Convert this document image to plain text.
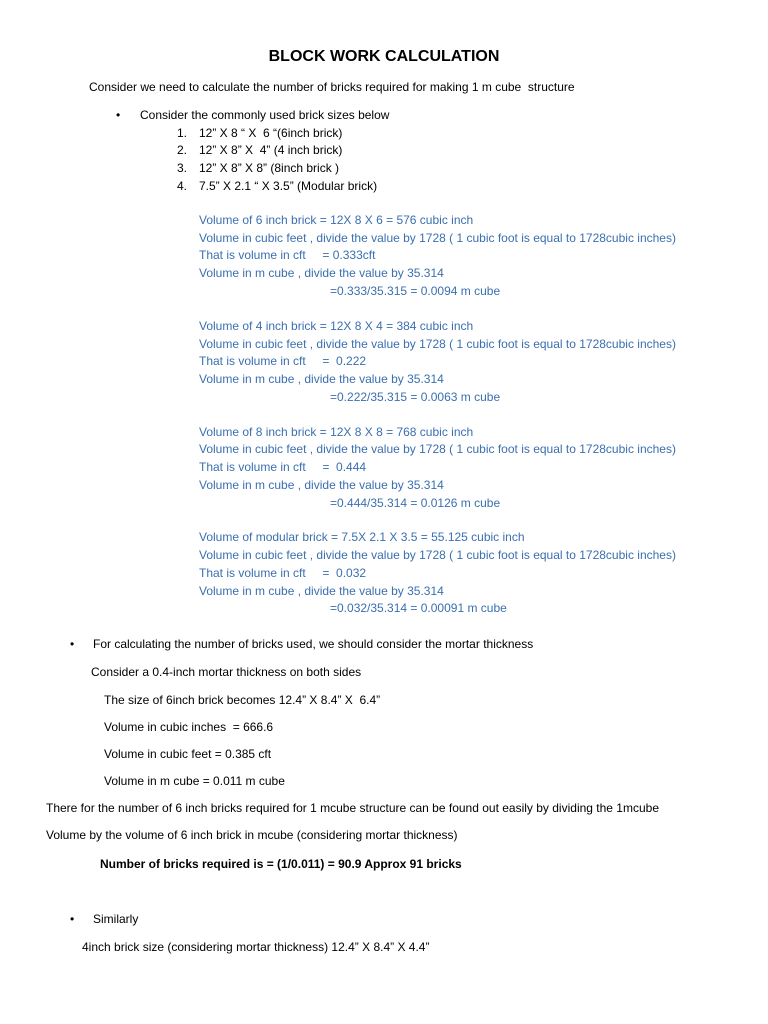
BLOCK WORK CALCULATION
Consider we need to calculate the number of bricks required for making 1 m cube  structure
• Consider the commonly used brick sizes below
1. 12” X 8 “ X  6 “(6inch brick)
2. 12” X 8” X  4” (4 inch brick)
3. 12” X 8” X 8” (8inch brick )
4. 7.5” X 2.1 “ X 3.5” (Modular brick)
Volume of 6 inch brick = 12X 8 X 6 = 576 cubic inch
Volume in cubic feet , divide the value by 1728 ( 1 cubic foot is equal to 1728cubic inches)
That is volume in cft     = 0.333cft
Volume in m cube , divide the value by 35.314
=0.333/35.315 = 0.0094 m cube
Volume of 4 inch brick = 12X 8 X 4 = 384 cubic inch
Volume in cubic feet , divide the value by 1728 ( 1 cubic foot is equal to 1728cubic inches)
That is volume in cft     =  0.222
Volume in m cube , divide the value by 35.314
=0.222/35.315 = 0.0063 m cube
Volume of 8 inch brick = 12X 8 X 8 = 768 cubic inch
Volume in cubic feet , divide the value by 1728 ( 1 cubic foot is equal to 1728cubic inches)
That is volume in cft     =  0.444
Volume in m cube , divide the value by 35.314
=0.444/35.314 = 0.0126 m cube
Volume of modular brick = 7.5X 2.1 X 3.5 = 55.125 cubic inch
Volume in cubic feet , divide the value by 1728 ( 1 cubic foot is equal to 1728cubic inches)
That is volume in cft     =  0.032
Volume in m cube , divide the value by 35.314
=0.032/35.314 = 0.00091 m cube
• For calculating the number of bricks used, we should consider the mortar thickness
Consider a 0.4-inch mortar thickness on both sides
The size of 6inch brick becomes 12.4” X 8.4” X  6.4”
Volume in cubic inches  = 666.6
Volume in cubic feet = 0.385 cft
Volume in m cube = 0.011 m cube
There for the number of 6 inch bricks required for 1 mcube structure can be found out easily by dividing the 1mcube
Volume by the volume of 6 inch brick in mcube (considering mortar thickness)
Number of bricks required is = (1/0.011) = 90.9 Approx 91 bricks
• Similarly
4inch brick size (considering mortar thickness) 12.4” X 8.4” X 4.4”
